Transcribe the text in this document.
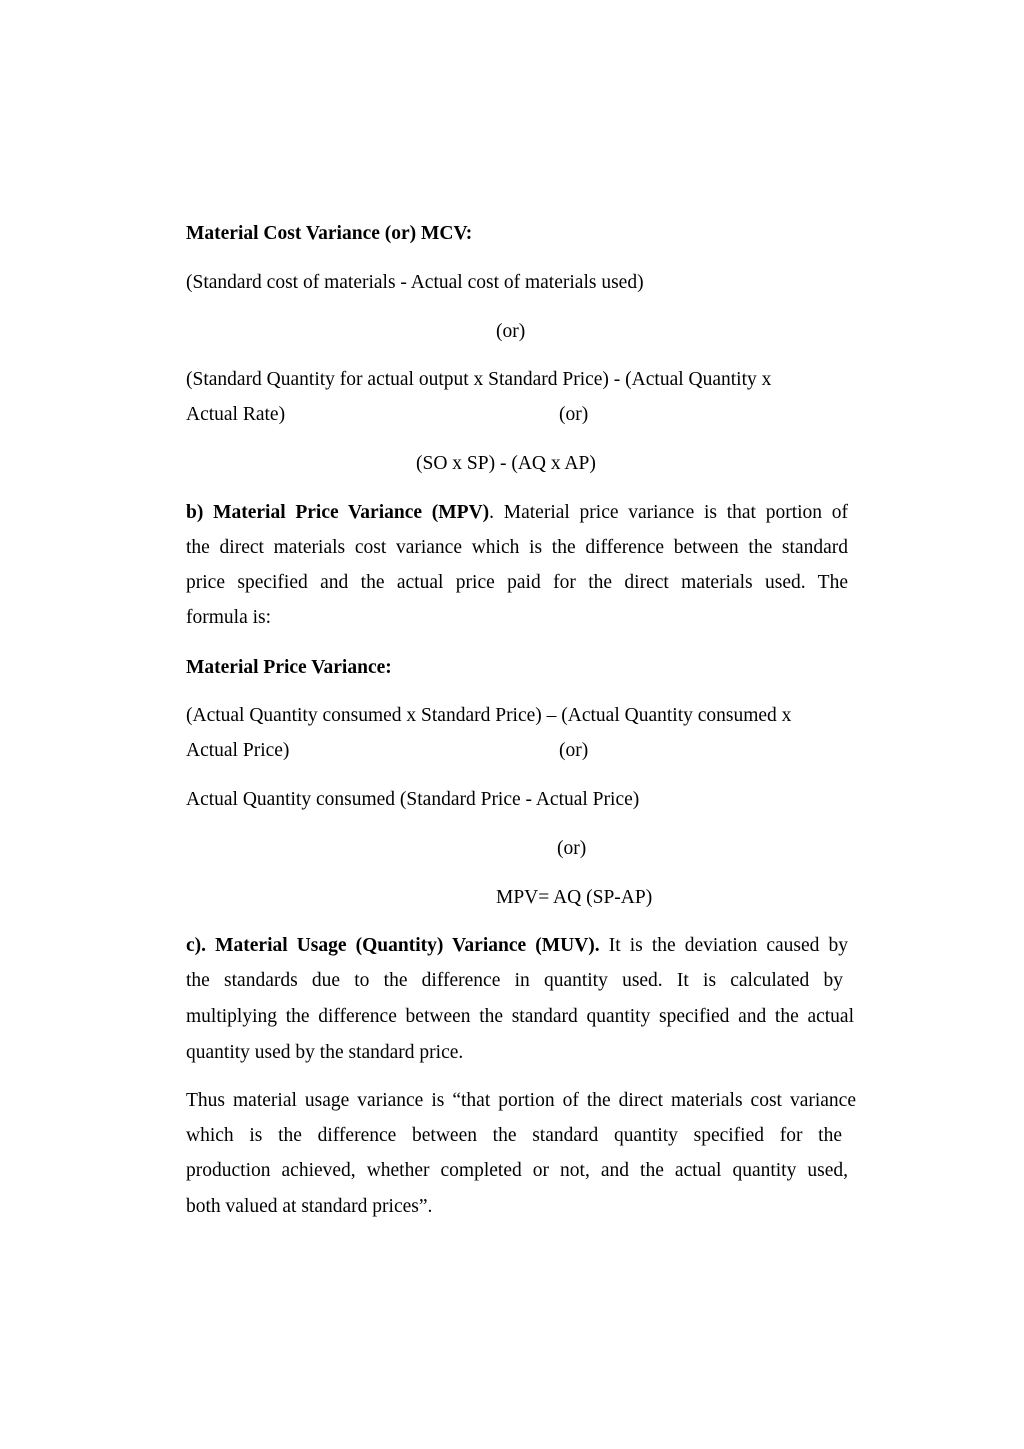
Material Cost Variance (or) MCV:
(Standard cost of materials - Actual cost of materials used)
(or)
(Standard Quantity for actual output x Standard Price) - (Actual Quantity x
Actual Rate)	(or)
(SO x SP) - (AQ x AP)
b) Material Price Variance (MPV). Material price variance is that portion of
the direct materials cost variance which is the difference between the standard
price specified and the actual price paid for the direct materials used. The
formula is:
Material Price Variance:
(Actual Quantity consumed x Standard Price) – (Actual Quantity consumed x
Actual Price)	(or)
Actual Quantity consumed (Standard Price - Actual Price)
(or)
MPV= AQ (SP-AP)
c). Material Usage (Quantity) Variance (MUV). It is the deviation caused by
the standards due to the difference in quantity used. It is calculated by
multiplying the difference between the standard quantity specified and the actual
quantity used by the standard price.
Thus material usage variance is “that portion of the direct materials cost variance
which is the difference between the standard quantity specified for the
production achieved, whether completed or not, and the actual quantity used,
both valued at standard prices”.
